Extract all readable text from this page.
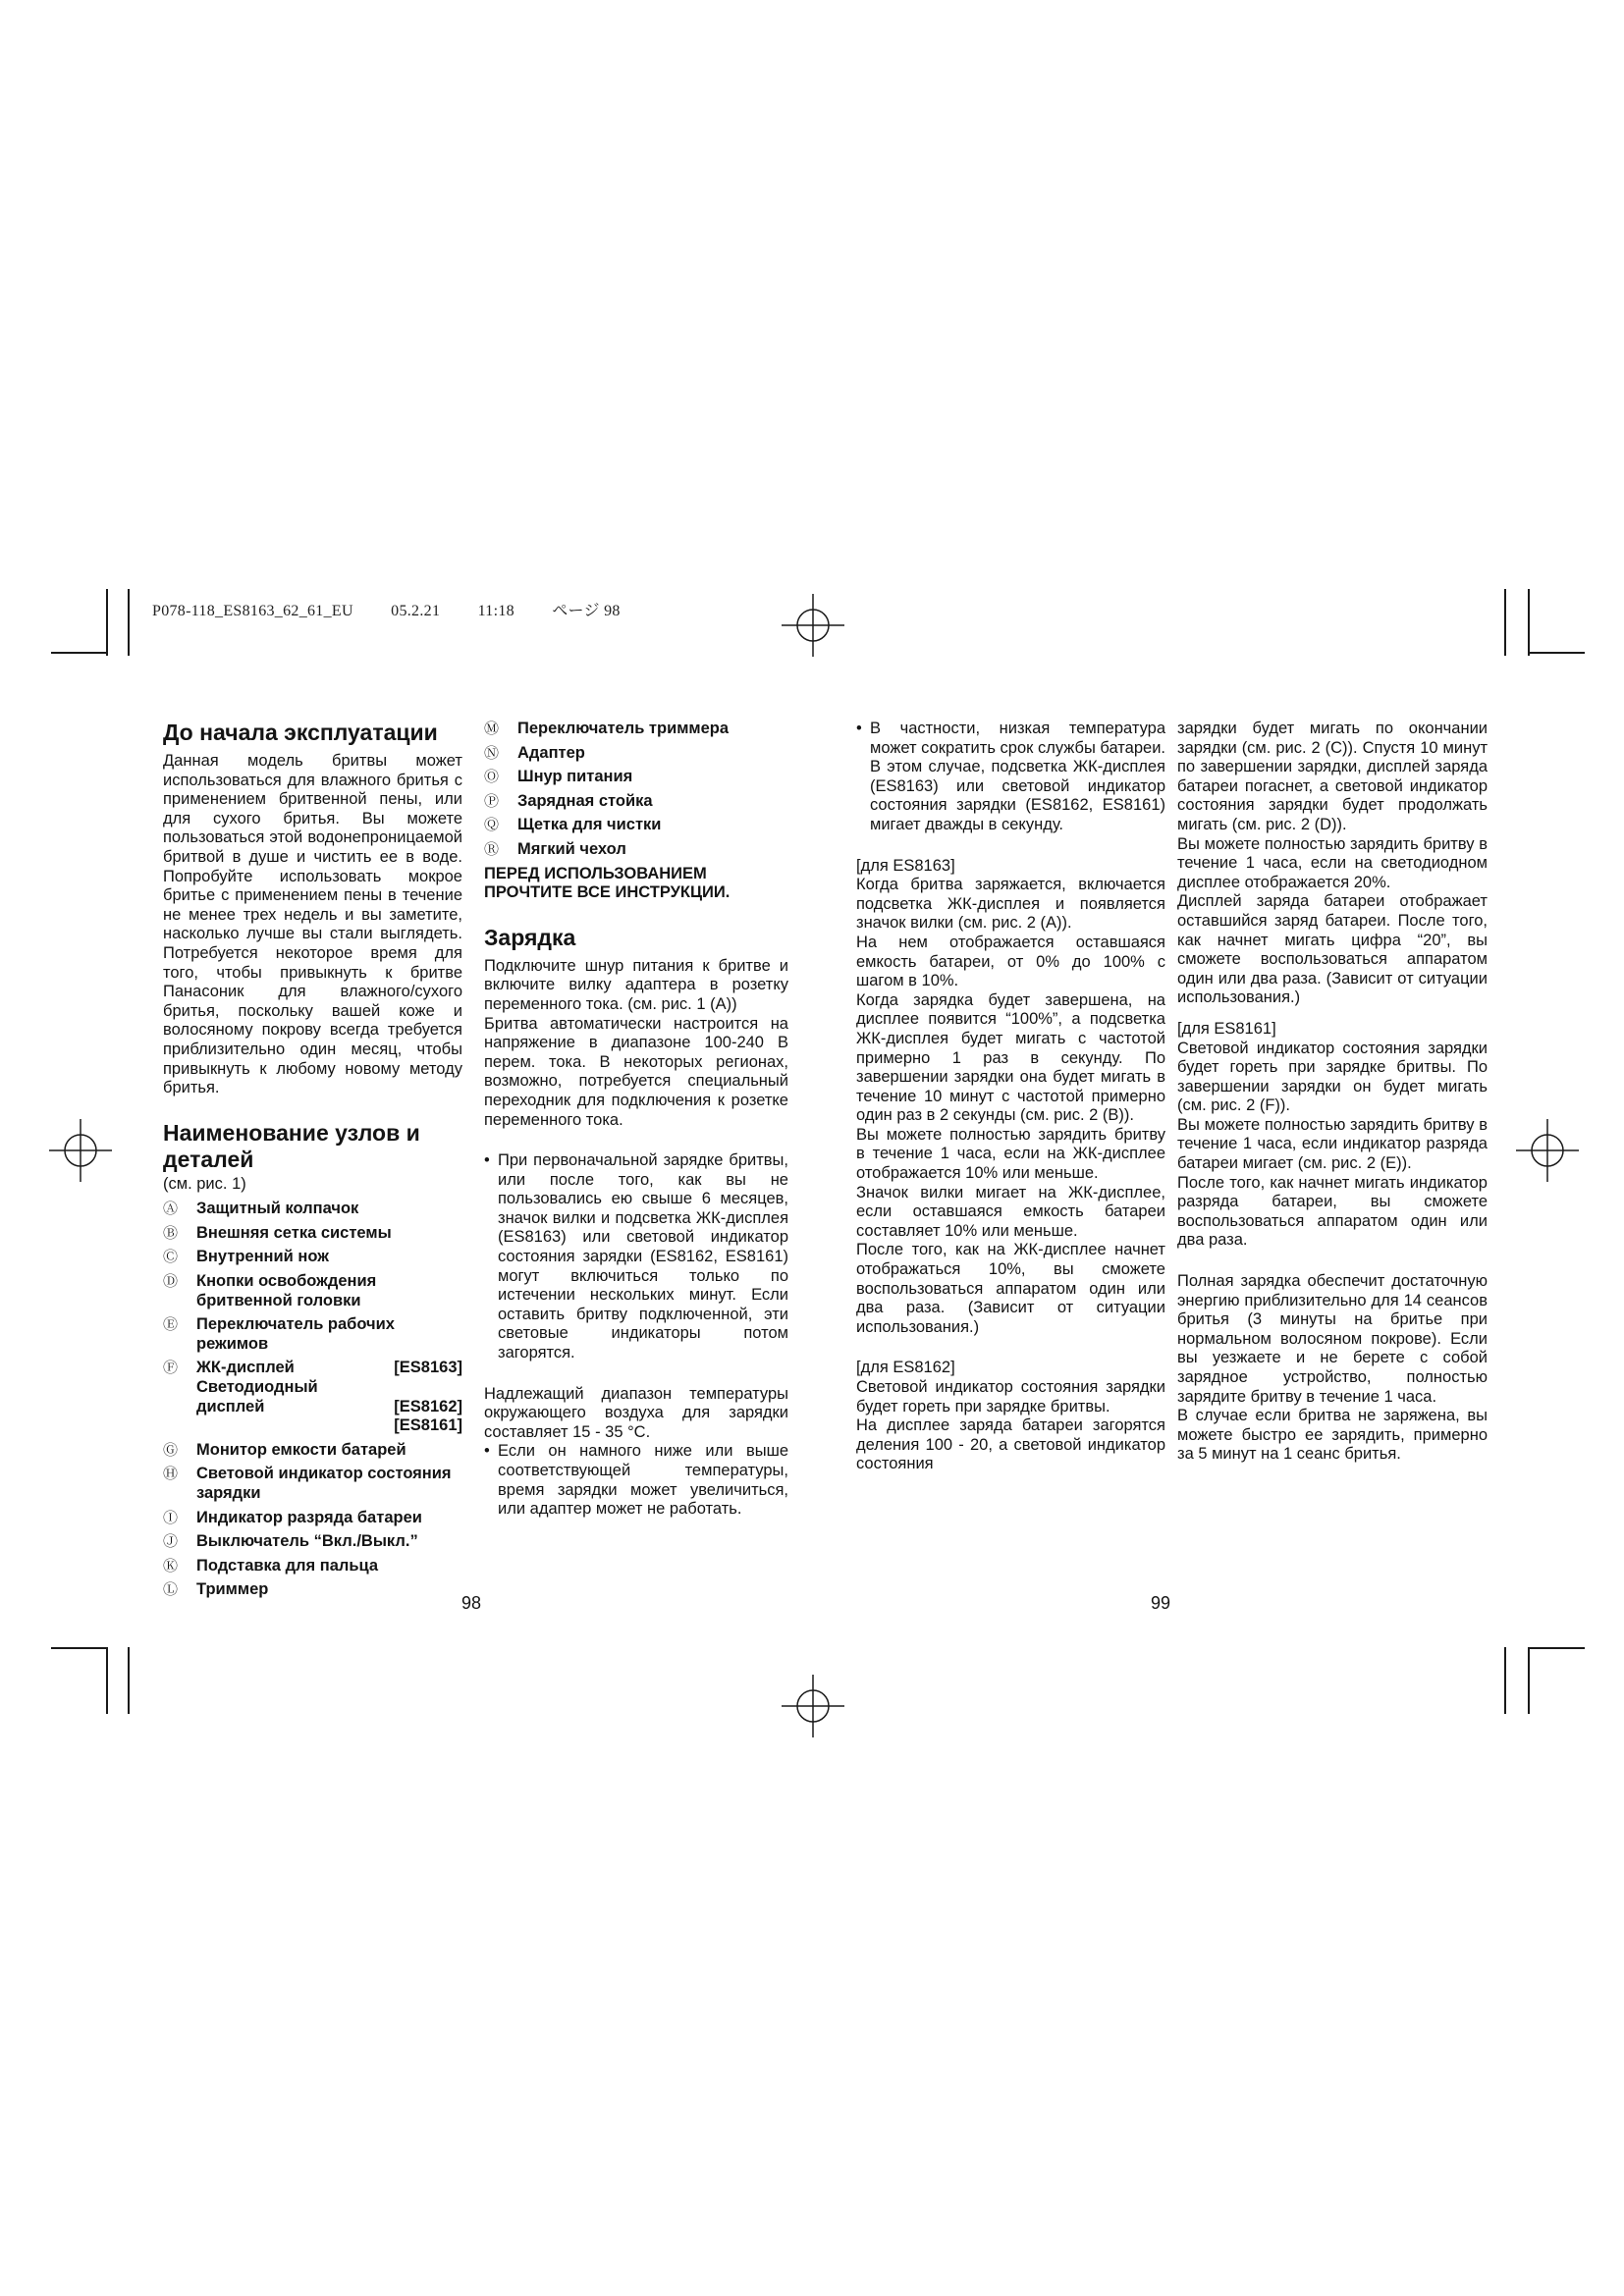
P078-118_ES8163_62_61_EU 05.2.21 11:18 ページ 98
До начала эксплуатации

Данная модель бритвы может использоваться для влажного бритья с применением бритвенной пены, или для сухого бритья. Вы можете пользоваться этой водонепроницаемой бритвой в душе и чистить ее в воде. Попробуйте использовать мокрое бритье с применением пены в течение не менее трех недель и вы заметите, насколько лучше вы стали выглядеть. Потребуется некоторое время для того, чтобы привыкнуть к бритве Панасоник для влажного/сухого бритья, поскольку вашей коже и волосяному покрову всегда требуется приблизительно один месяц, чтобы привыкнуть к любому новому методу бритья.

Наименование узлов и деталей
(см. рис. 1)
Ⓐ	Защитный колпачок
Ⓑ	Внешняя сетка системы
Ⓒ	Внутренний нож
Ⓓ	Кнопки освобождения бритвенной головки
Ⓔ	Переключатель рабочих режимов
Ⓕ	ЖК-дисплей	[ES8163]
Светодиодный дисплей	[ES8162]
[ES8161]
Ⓖ	Монитор емкости батарей
Ⓗ	Световой индикатор состояния зарядки
Ⓘ	Индикатор разряда батареи
Ⓙ	Выключатель “Вкл./Выкл.”
Ⓚ	Подставка для пальца
Ⓛ	Триммер
Ⓜ	Переключатель триммера
Ⓝ	Адаптер
Ⓞ	Шнур питания
Ⓟ	Зарядная стойка
Ⓠ	Щетка для чистки
Ⓡ	Мягкий чехол

ПЕРЕД ИСПОЛЬЗОВАНИЕМ ПРОЧТИТЕ ВСЕ ИНСТРУКЦИИ.

Зарядка

Подключите шнур питания к бритве и включите вилку адаптера в розетку переменного тока. (см. рис. 1 (A))

Бритва автоматически настроится на напряжение в диапазоне 100-240 В перем. тока. В некоторых регионах, возможно, потребуется специальный переходник для подключения к розетке переменного тока.

• При первоначальной зарядке бритвы, или после того, как вы не пользовались ею свыше 6 месяцев, значок вилки и подсветка ЖК-дисплея (ES8163) или световой индикатор состояния зарядки (ES8162, ES8161) могут включиться только по истечении нескольких минут. Если оставить бритву подключенной, эти световые индикаторы потом загорятся.

Надлежащий диапазон температуры окружающего воздуха для зарядки составляет 15 - 35 °C.

• Если он намного ниже или выше соответствующей температуры, время зарядки может увеличиться, или адаптер может не работать.

98
• В частности, низкая температура может сократить срок службы батареи. В этом случае, подсветка ЖК-дисплея (ES8163) или световой индикатор состояния зарядки (ES8162, ES8161) мигает дважды в секунду.

[для ES8163]

Когда бритва заряжается, включается подсветка ЖК-дисплея и появляется значок вилки (см. рис. 2 (A)).

На нем отображается оставшаяся емкость батареи, от 0% до 100% с шагом в 10%.

Когда зарядка будет завершена, на дисплее появится “100%”, а подсветка ЖК-дисплея будет мигать с частотой примерно 1 раз в секунду. По завершении зарядки она будет мигать в течение 10 минут с частотой примерно один раз в 2 секунды (см. рис. 2 (B)).

Вы можете полностью зарядить бритву в течение 1 часа, если на ЖК-дисплее отображается 10% или меньше.

Значок вилки мигает на ЖК-дисплее, если оставшаяся емкость батареи составляет 10% или меньше.

После того, как на ЖК-дисплее начнет отображаться 10%, вы сможете воспользоваться аппаратом один или два раза. (Зависит от ситуации использования.)

[для ES8162]

Световой индикатор состояния зарядки будет гореть при зарядке бритвы.

На дисплее заряда батареи загорятся деления 100 - 20, а световой индикатор состояния

зарядки будет мигать по окончании зарядки (см. рис. 2 (C)). Спустя 10 минут по завершении зарядки, дисплей заряда батареи погаснет, а световой индикатор состояния зарядки будет продолжать мигать (см. рис. 2 (D)).

Вы можете полностью зарядить бритву в течение 1 часа, если на светодиодном дисплее отображается 20%.

Дисплей заряда батареи отображает оставшийся заряд батареи. После того, как начнет мигать цифра “20”, вы сможете воспользоваться аппаратом один или два раза. (Зависит от ситуации использования.)

[для ES8161]

Световой индикатор состояния зарядки будет гореть при зарядке бритвы. По завершении зарядки он будет мигать (см. рис. 2 (F)).

Вы можете полностью зарядить бритву в течение 1 часа, если индикатор разряда батареи мигает (см. рис. 2 (E)).

После того, как начнет мигать индикатор разряда батареи, вы сможете воспользоваться аппаратом один или два раза.

Полная зарядка обеспечит достаточную энергию приблизительно для 14 сеансов бритья (3 минуты на бритье при нормальном волосяном покрове). Если вы уезжаете и не берете с собой зарядное устройство, полностью зарядите бритву в течение 1 часа.

В случае если бритва не заряжена, вы можете быстро ее зарядить, примерно за 5 минут на 1 сеанс бритья.

99
